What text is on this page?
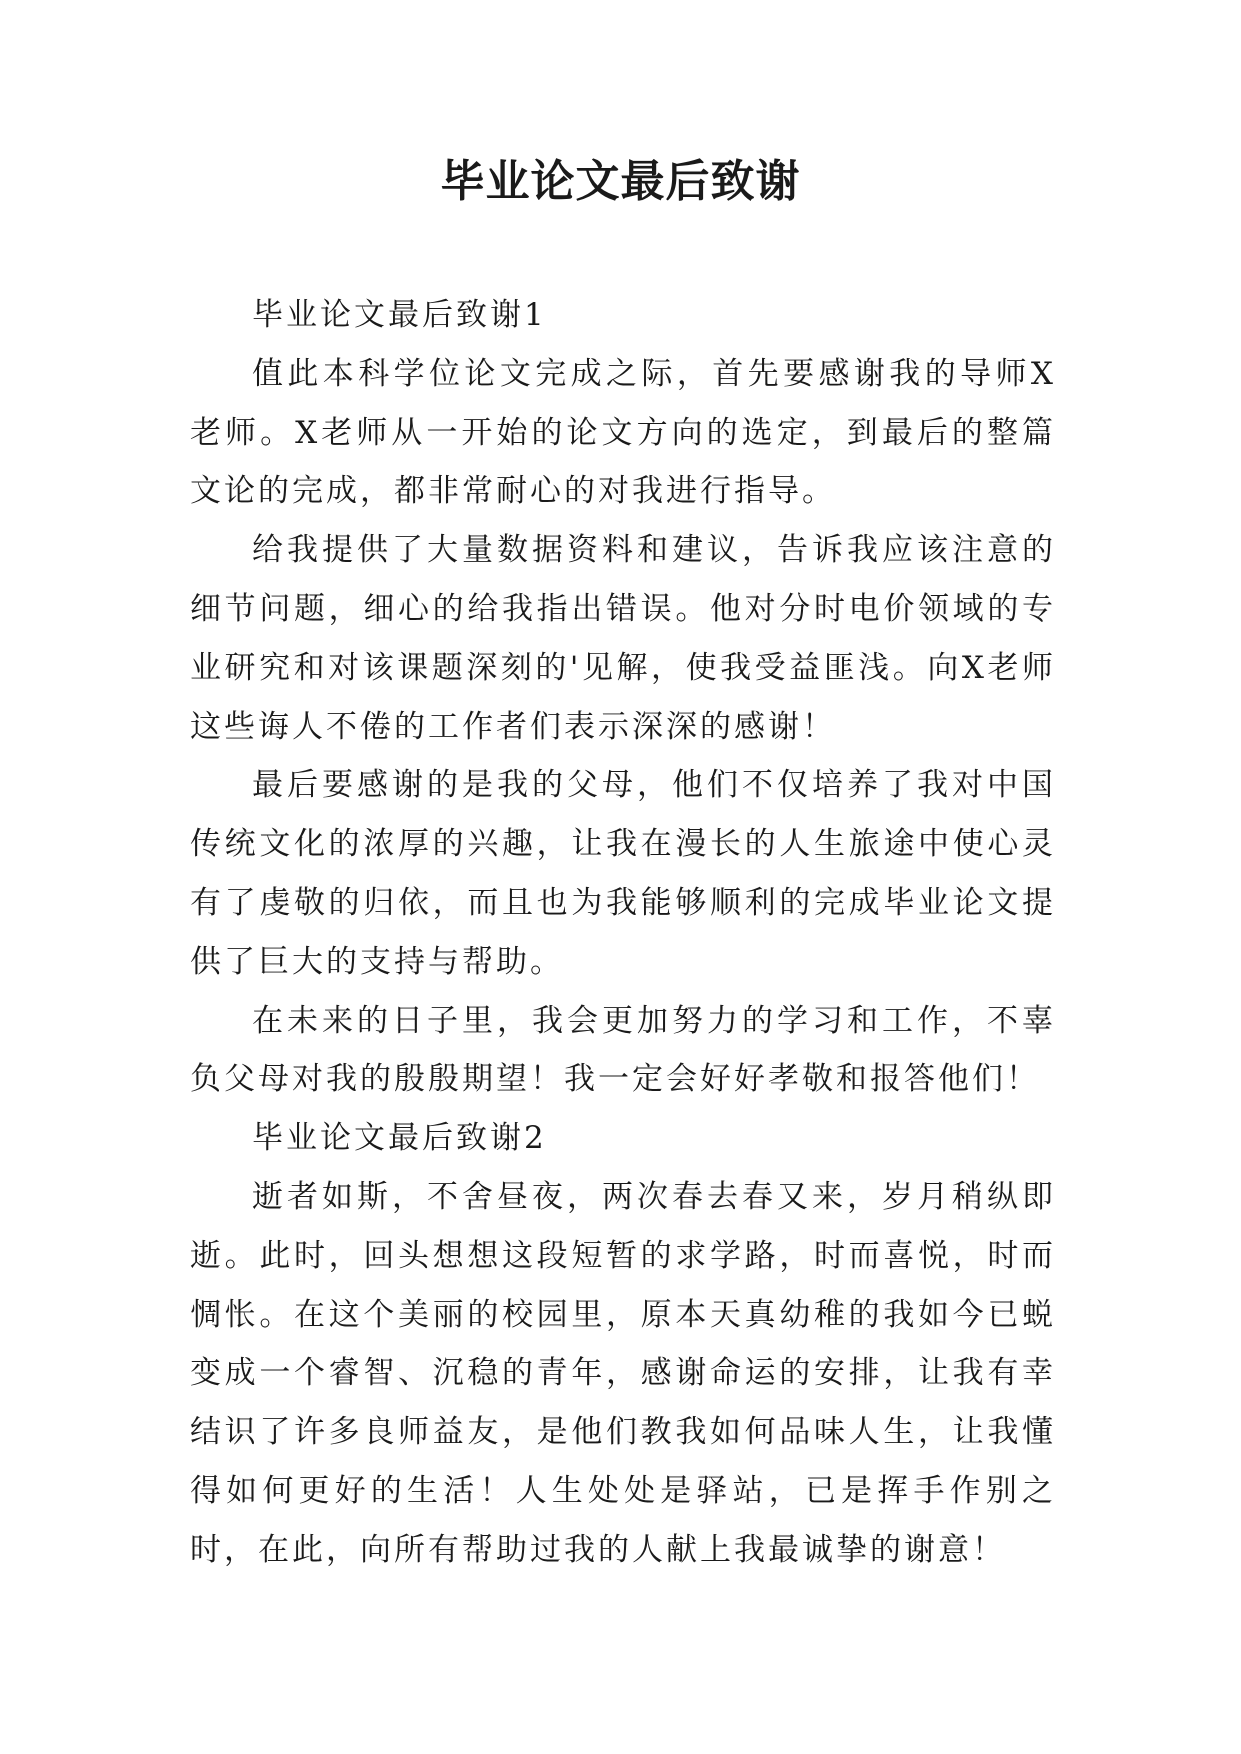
毕业论文最后致谢

毕业论文最后致谢1

值此本科学位论文完成之际，首先要感谢我的导师X老师。X老师从一开始的论文方向的选定，到最后的整篇文论的完成，都非常耐心的对我进行指导。

给我提供了大量数据资料和建议，告诉我应该注意的细节问题，细心的给我指出错误。他对分时电价领域的专业研究和对该课题深刻的'见解，使我受益匪浅。向X老师这些诲人不倦的工作者们表示深深的感谢！

最后要感谢的是我的父母，他们不仅培养了我对中国传统文化的浓厚的兴趣，让我在漫长的人生旅途中使心灵有了虔敬的归依，而且也为我能够顺利的完成毕业论文提供了巨大的支持与帮助。

在未来的日子里，我会更加努力的学习和工作，不辜负父母对我的殷殷期望！我一定会好好孝敬和报答他们！

毕业论文最后致谢2

逝者如斯，不舍昼夜，两次春去春又来，岁月稍纵即逝。此时，回头想想这段短暂的求学路，时而喜悦，时而惆怅。在这个美丽的校园里，原本天真幼稚的我如今已蜕变成一个睿智、沉稳的青年，感谢命运的安排，让我有幸结识了许多良师益友，是他们教我如何品味人生，让我懂得如何更好的生活！人生处处是驿站，已是挥手作别之时，在此，向所有帮助过我的人献上我最诚挚的谢意！
